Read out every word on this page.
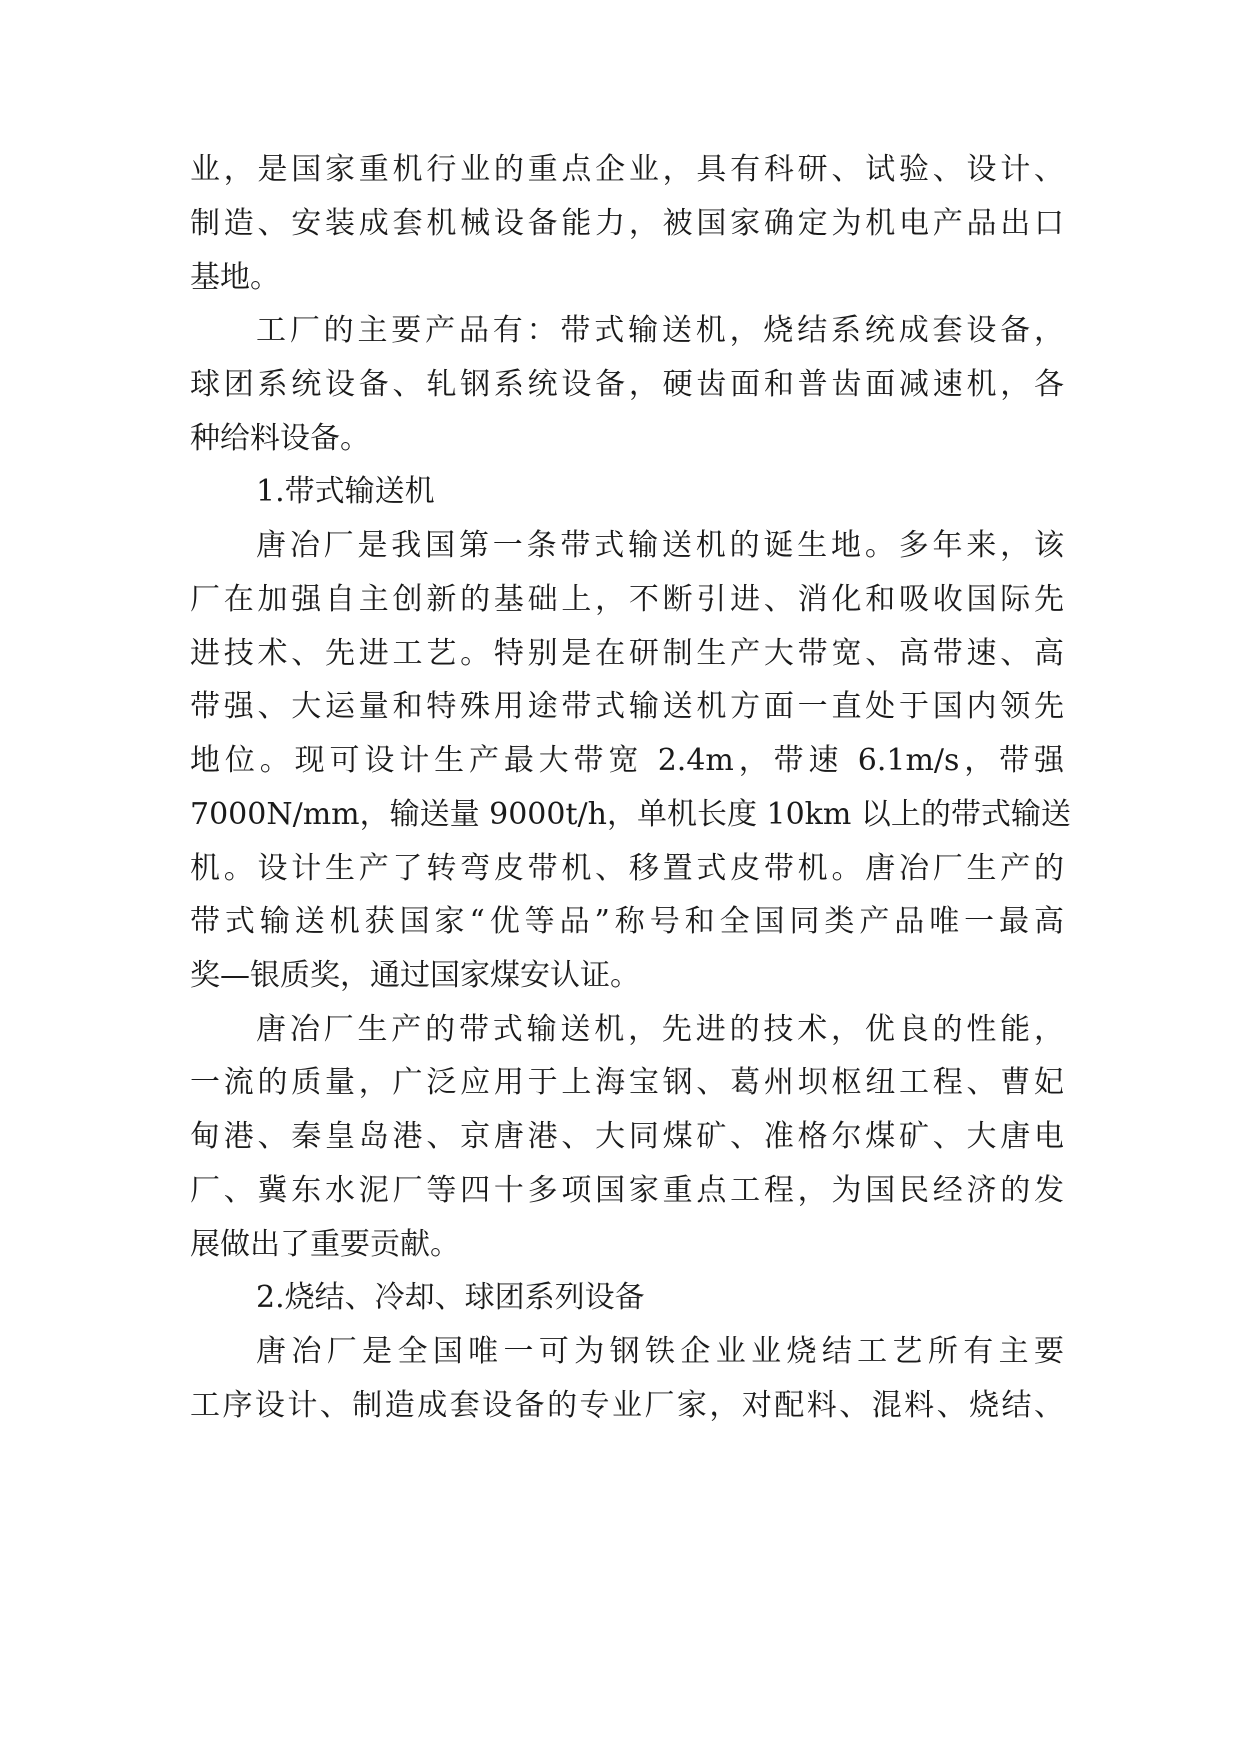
业，是国家重机行业的重点企业，具有科研、试验、设计、

制造、安装成套机械设备能力，被国家确定为机电产品出口

基地。

工厂的主要产品有：带式输送机，烧结系统成套设备，

球团系统设备、轧钢系统设备，硬齿面和普齿面减速机，各

种给料设备。

1.带式输送机

唐冶厂是我国第一条带式输送机的诞生地。多年来，该

厂在加强自主创新的基础上，不断引进、消化和吸收国际先

进技术、先进工艺。特别是在研制生产大带宽、高带速、高

带强、大运量和特殊用途带式输送机方面一直处于国内领先

地位。现可设计生产最大带宽 2.4m，带速 6.1m/s，带强

7000N/mm，输送量 9000t/h，单机长度 10km 以上的带式输送

机。设计生产了转弯皮带机、移置式皮带机。唐冶厂生产的

带式输送机获国家“优等品”称号和全国同类产品唯一最高

奖—银质奖，通过国家煤安认证。

唐冶厂生产的带式输送机，先进的技术，优良的性能，

一流的质量，广泛应用于上海宝钢、葛州坝枢纽工程、曹妃

甸港、秦皇岛港、京唐港、大同煤矿、准格尔煤矿、大唐电

厂、冀东水泥厂等四十多项国家重点工程，为国民经济的发

展做出了重要贡献。

2.烧结、冷却、球团系列设备

唐冶厂是全国唯一可为钢铁企业业烧结工艺所有主要

工序设计、制造成套设备的专业厂家，对配料、混料、烧结、
